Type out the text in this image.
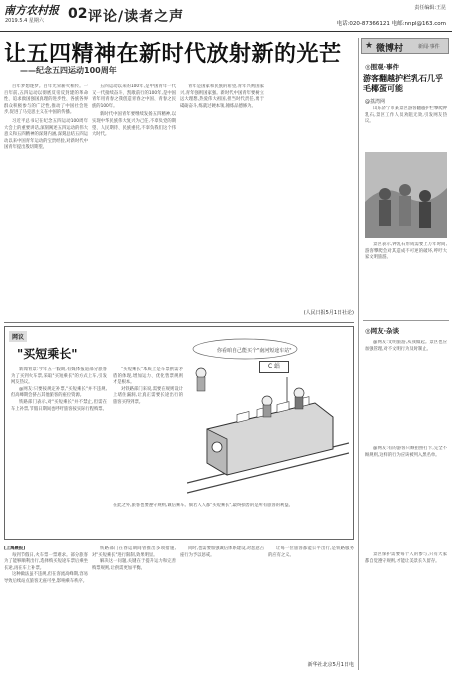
南方农村报
2019.5.4 星期六 02 评论/读者之声
责任编辑:王昆
电话:020-87366121 电邮:nnpl@163.com
让五四精神在新时代放射新的光芒
——纪念五四运动100周年

百年梦想逐梦。百年光荣薪火相传。一百年前,五四运动以彻底反帝反封建的革命性、追求救国强国真理的进步性、各族各界群众积极参与的广泛性,推动了中国社会进步,促进了马克思主义在中国的传播。

习近平总书记在纪念五四运动100周年大会上的重要讲话,深刻阐述五四运动的伟大意义和五四精神的深刻内涵,深刻总结五四运动以来中国青年运动的宝贵经验,对新时代中国青年提出殷切期望。

五四运动以来的100年,是中国青年一代又一代接续奋斗、凯歌前行的100年,是中国青年用青春之我创造青春之中国、青春之民族的100年。

新时代中国青年要继续发扬五四精神,以实现中华民族伟大复兴为己任,不辜负党的期望、人民期待、民族重托,不辜负我们这个伟大时代。

青年是国家和民族的希望,青年兴则国家兴,青年强则国家强。新时代中国青年要树立远大理想,热爱伟大祖国,担当时代责任,勇于砥砺奋斗,练就过硬本领,锤炼品德修为。

(人民日报5月1日社论)
网议
"买短乘长"

新闻背景:今年五一假期,有媒体报道部分旅客为了买到火车票,采取"买短乘长"的方式上车,引发网友热议。

@网友:只要按规定补票,"买短乘长"并不违规,但高峰期会挤占其他旅客的座位资源。

铁路部门表示,对"买短乘长"并不禁止,但需在车上补票,节假日期间也呼吁旅客按实际行程购票。

"买短乘长"本质上是车票供需矛盾的体现,增加运力、优化售票规则才是根本。

对铁路部门来说,需要在规则设计上堵住漏洞,让真正需要长途出行的旅客买得到票。

在此之外,旅客也要遵守规则,诚信乘车。倘若人人都"买短乘长",最终损害的是所有旅客的利益。
你看咱自己能买个"南河短途车站"
C 站

[上海晨报]

每到节假日,火车票一票难求。部分旅客为了能够顺利出行,选择购买短途车票后乘坐长途,再在车上补票。

这种做法虽不违规,但在客流高峰期,容易导致后续站点旅客无座可坐,影响乘车秩序。

铁路部门在春运期间曾推出多项措施,对"买短乘长"进行限制,效果明显。

解决这一问题,关键在于提升运力和完善购票规则,让供需更加平衡。

同时,也需要加强诚信体系建设,对恶意占座行为予以惩戒。

让每一位旅客都能公平出行,是铁路服务的应有之义。

新华社北京5月1日电
★ 微博村	新闻·事件
◎围观·事件
游客翻越护栏乳石几乎毛椰蛋可能
@荔湾网
山东济宁市某景区游客翻越护栏攀爬钟乳石,景区工作人员劝阻无效,引发网友热议。
景区表示,钟乳石形成需要上万年时间,游客攀爬会对其造成不可逆的破坏,呼吁大家文明旅游。
◎网友·杂谈
@网友:文明旅游,从我做起。景区也应加强管理,对不文明行为及时制止。
@网友:有的游客只顾拍照打卡,完全不顾规则,这样的行为应该被列入黑名单。
景区保护需要每个人的参与,只有大家都自觉遵守规则,才能让美景长久留存。
